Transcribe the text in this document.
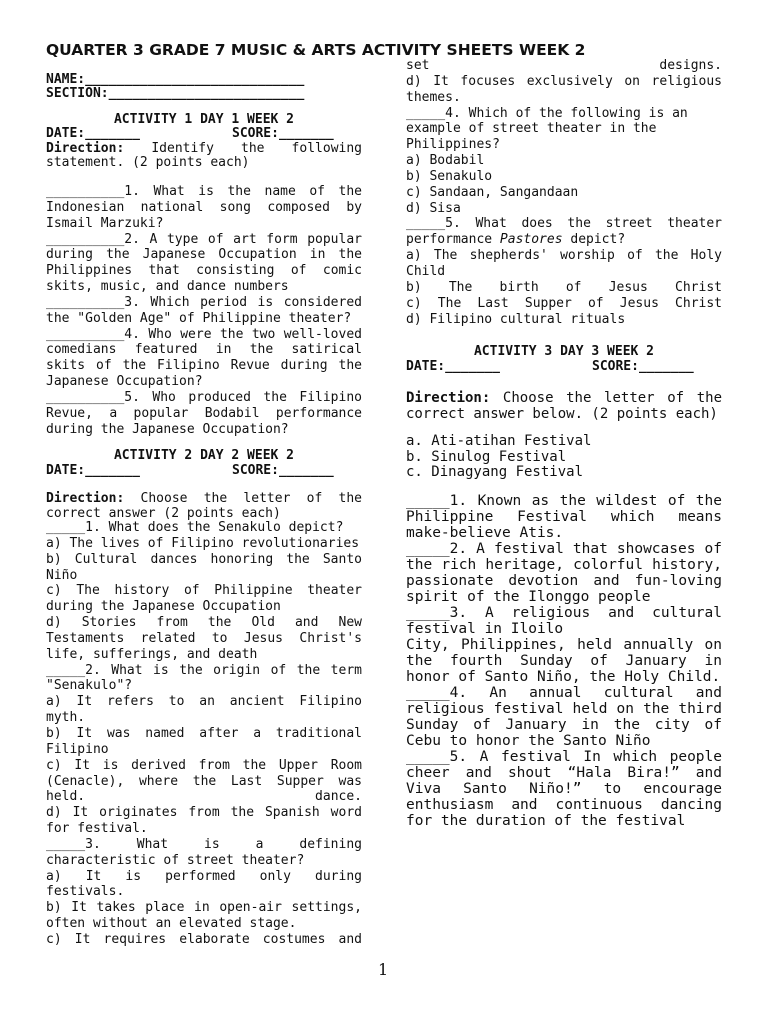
QUARTER 3 GRADE 7 MUSIC & ARTS ACTIVITY SHEETS WEEK 2
NAME:____________________________
SECTION:_________________________
ACTIVITY 1 DAY 1 WEEK 2
DATE:_______	SCORE:_______

Direction: Identify the following statement. (2 points each)

__________1. What is the name of the Indonesian national song composed by Ismail Marzuki?

__________2. A type of art form popular during the Japanese Occupation in the Philippines that consisting of comic skits, music, and dance numbers

__________3. Which period is considered the "Golden Age" of Philippine theater?

__________4. Who were the two well-loved comedians featured in the satirical skits of the Filipino Revue during the Japanese Occupation?

__________5. Who produced the Filipino Revue, a popular Bodabil performance during the Japanese Occupation?

ACTIVITY 2 DAY 2 WEEK 2
DATE:_______	SCORE:_______

Direction: Choose the letter of the correct answer (2 points each)

_____1. What does the Senakulo depict?

a) The lives of Filipino revolutionaries

b) Cultural dances honoring the Santo Niño

c) The history of Philippine theater during the Japanese Occupation

d) Stories from the Old and New Testaments related to Jesus Christ's life, sufferings, and death

_____2. What is the origin of the term "Senakulo"?

a) It refers to an ancient Filipino myth.

b) It was named after a traditional Filipino

c) It is derived from the Upper Room (Cenacle), where the Last Supper was held. dance.

d) It originates from the Spanish word for festival.

_____3. What is a defining characteristic of street theater?

a) It is performed only during festivals.

b) It takes place in open-air settings, often without an elevated stage.

c) It requires elaborate costumes and

set designs.

d) It focuses exclusively on religious themes.

_____4. Which of the following is an example of street theater in the Philippines?

a) Bodabil

b) Senakulo

c) Sandaan, Sangandaan

d) Sisa

_____5. What does the street theater performance Pastores depict?

a) The shepherds' worship of the Holy Child

b) The birth of Jesus Christ

c) The Last Supper of Jesus Christ

d) Filipino cultural rituals

ACTIVITY 3 DAY 3 WEEK 2
DATE:_______	SCORE:_______

Direction: Choose the letter of the correct answer below. (2 points each)

a. Ati-atihan Festival
b. Sinulog Festival
c. Dinagyang Festival

_____1. Known as the wildest of the Philippine Festival which means make-believe Atis.

_____2. A festival that showcases of the rich heritage, colorful history, passionate devotion and fun-loving spirit of the Ilonggo people

_____3. A religious and cultural festival in Iloilo

City, Philippines, held annually on the fourth Sunday of January in honor of Santo Niño, the Holy Child.

_____4. An annual cultural and religious festival held on the third Sunday of January in the city of Cebu to honor the Santo Niño

_____5. A festival In which people cheer and shout “Hala Bira!” and Viva Santo Niño!” to encourage enthusiasm and continuous dancing for the duration of the festival

1
